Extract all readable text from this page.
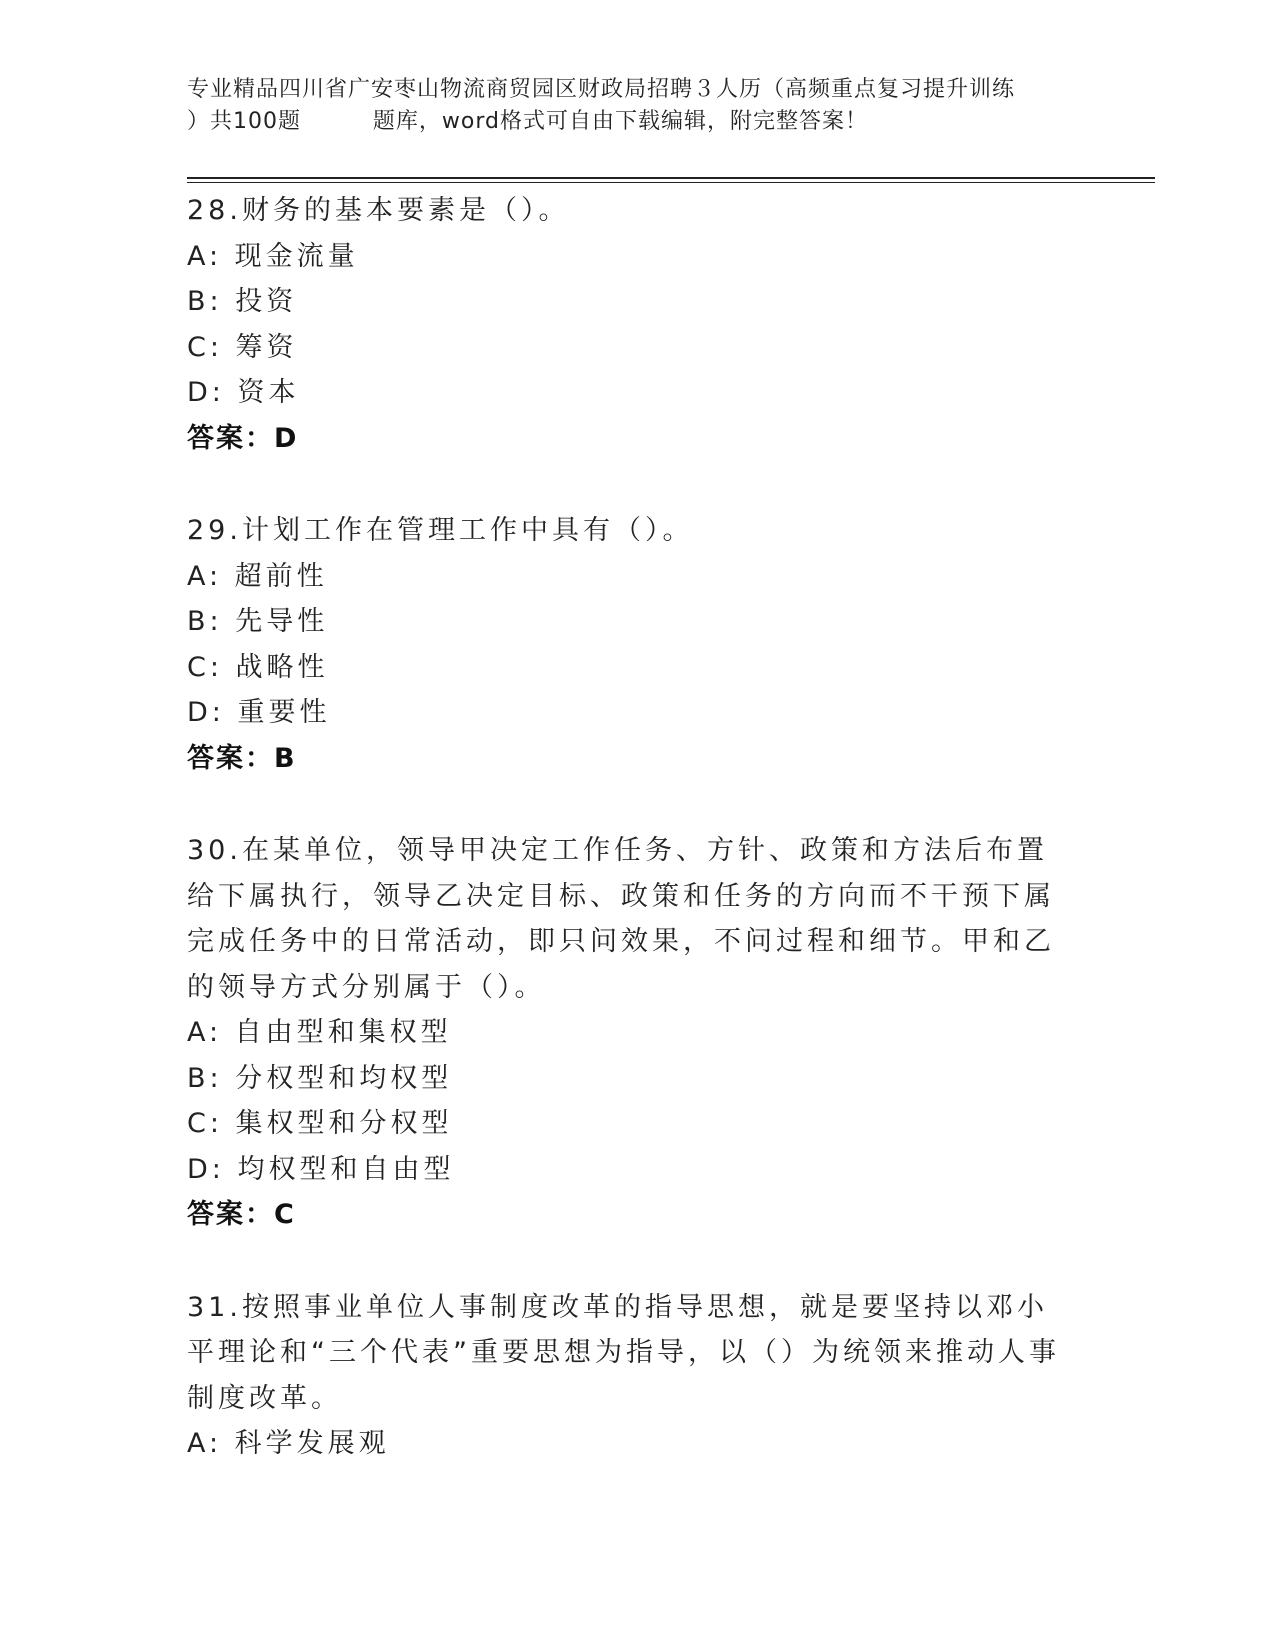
专业精品四川省广安枣山物流商贸园区财政局招聘３人历（高频重点复习提升训练
）共100题         题库，word格式可自由下载编辑，附完整答案！
28.财务的基本要素是（）。
A: 现金流量
B: 投资
C: 筹资
D: 资本
答案：D
29.计划工作在管理工作中具有（）。
A: 超前性
B: 先导性
C: 战略性
D: 重要性
答案：B
30.在某单位，领导甲决定工作任务、方针、政策和方法后布置给下属执行，领导乙决定目标、政策和任务的方向而不干预下属完成任务中的日常活动，即只问效果，不问过程和细节。甲和乙的领导方式分别属于（）。
A: 自由型和集权型
B: 分权型和均权型
C: 集权型和分权型
D: 均权型和自由型
答案：C
31.按照事业单位人事制度改革的指导思想，就是要坚持以邓小平理论和“三个代表”重要思想为指导，以（）为统领来推动人事制度改革。
A: 科学发展观
